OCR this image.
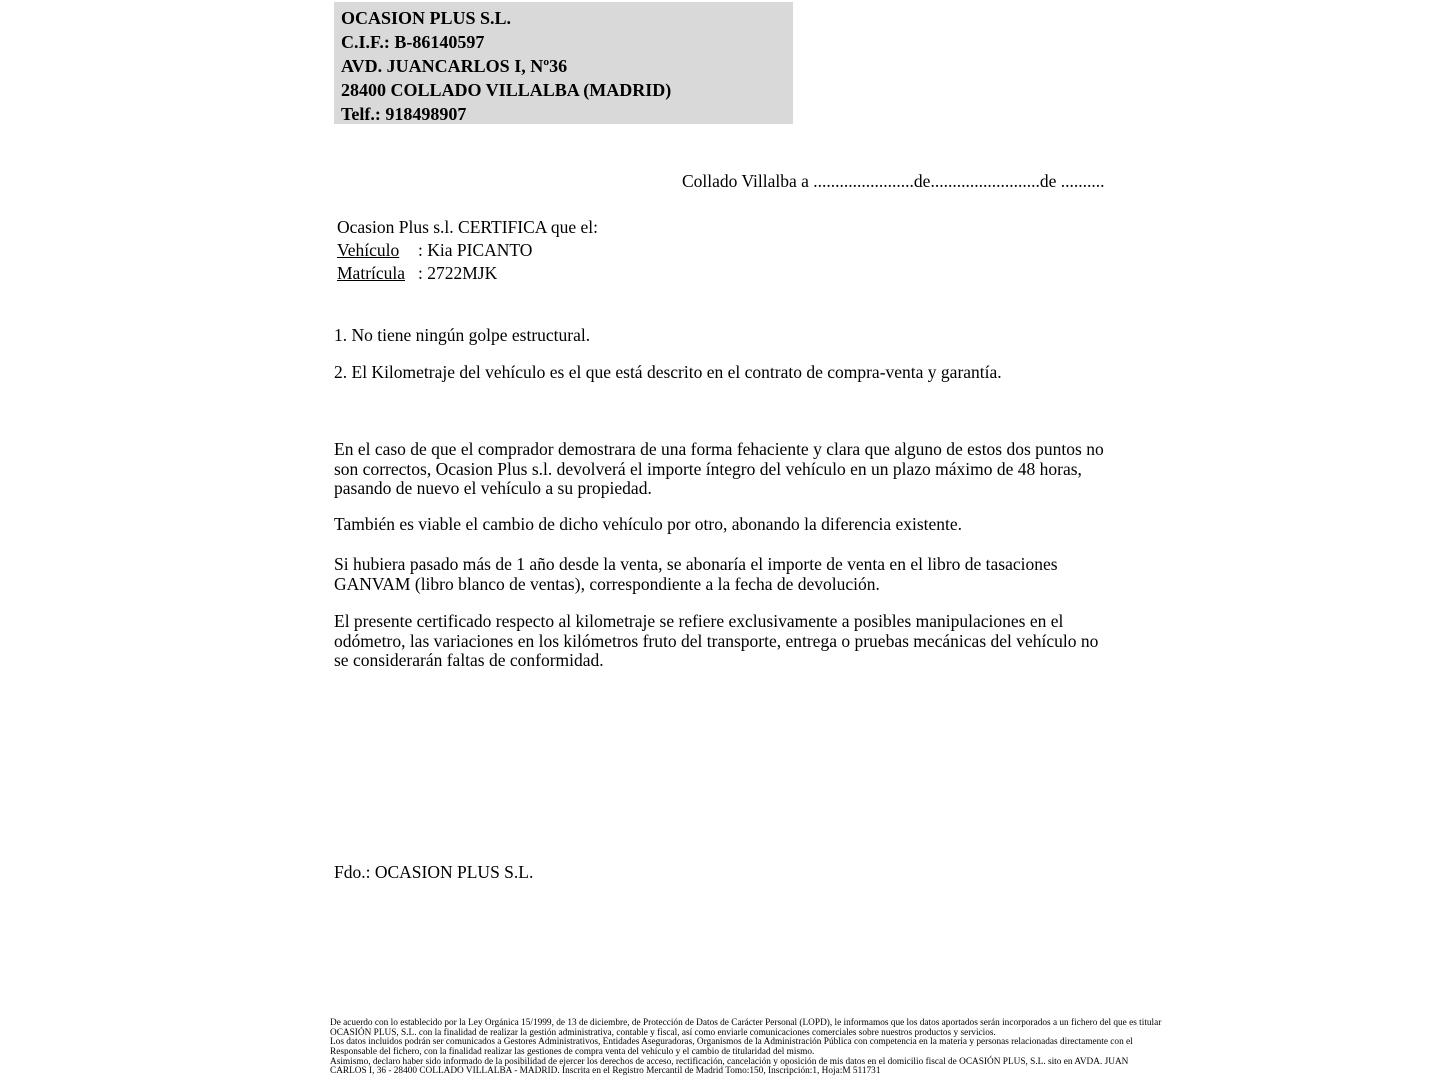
OCASION PLUS S.L.
C.I.F.: B-86140597
AVD. JUANCARLOS I, Nº36
28400 COLLADO VILLALBA (MADRID)
Telf.: 918498907
Collado Villalba a .......................de.........................de ..........
Ocasion Plus s.l. CERTIFICA que el:
Vehículo : Kia PICANTO
Matrícula : 2722MJK
1. No tiene ningún golpe estructural.
2. El Kilometraje del vehículo es el que está descrito en el contrato de compra-venta y garantía.
En el caso de que el comprador demostrara de una forma fehaciente y clara que alguno de estos dos puntos no
son correctos, Ocasion Plus s.l. devolverá el importe íntegro del vehículo en un plazo máximo de 48 horas,
pasando de nuevo el vehículo a su propiedad.
También es viable el cambio de dicho vehículo por otro, abonando la diferencia existente.
Si hubiera pasado más de 1 año desde la venta, se abonaría el importe de venta en el libro de tasaciones
GANVAM (libro blanco de ventas), correspondiente a la fecha de devolución.
El presente certificado respecto al kilometraje se refiere exclusivamente a posibles manipulaciones en el
odómetro, las variaciones en los kilómetros fruto del transporte, entrega o pruebas mecánicas del vehículo no
se considerarán faltas de conformidad.
Fdo.: OCASION PLUS S.L.
De acuerdo con lo establecido por la Ley Orgánica 15/1999, de 13 de diciembre, de Protección de Datos de Carácter Personal (LOPD), le informamos que los datos aportados serán incorporados a un fichero del que es titular
OCASIÓN PLUS, S.L. con la finalidad de realizar la gestión administrativa, contable y fiscal, así como enviarle comunicaciones comerciales sobre nuestros productos y servicios.
Los datos incluidos podrán ser comunicados a Gestores Administrativos, Entidades Aseguradoras, Organismos de la Administración Pública con competencia en la materia y personas relacionadas directamente con el
Responsable del fichero, con la finalidad realizar las gestiones de compra venta del vehículo y el cambio de titularidad del mismo.
Asimismo, declaro haber sido informado de la posibilidad de ejercer los derechos de acceso, rectificación, cancelación y oposición de mis datos en el domicilio fiscal de OCASIÓN PLUS, S.L. sito en AVDA. JUAN
CARLOS I, 36 - 28400 COLLADO VILLALBA - MADRID. Inscrita en el Registro Mercantil de Madrid Tomo:150, Inscripción:1, Hoja:M 511731
